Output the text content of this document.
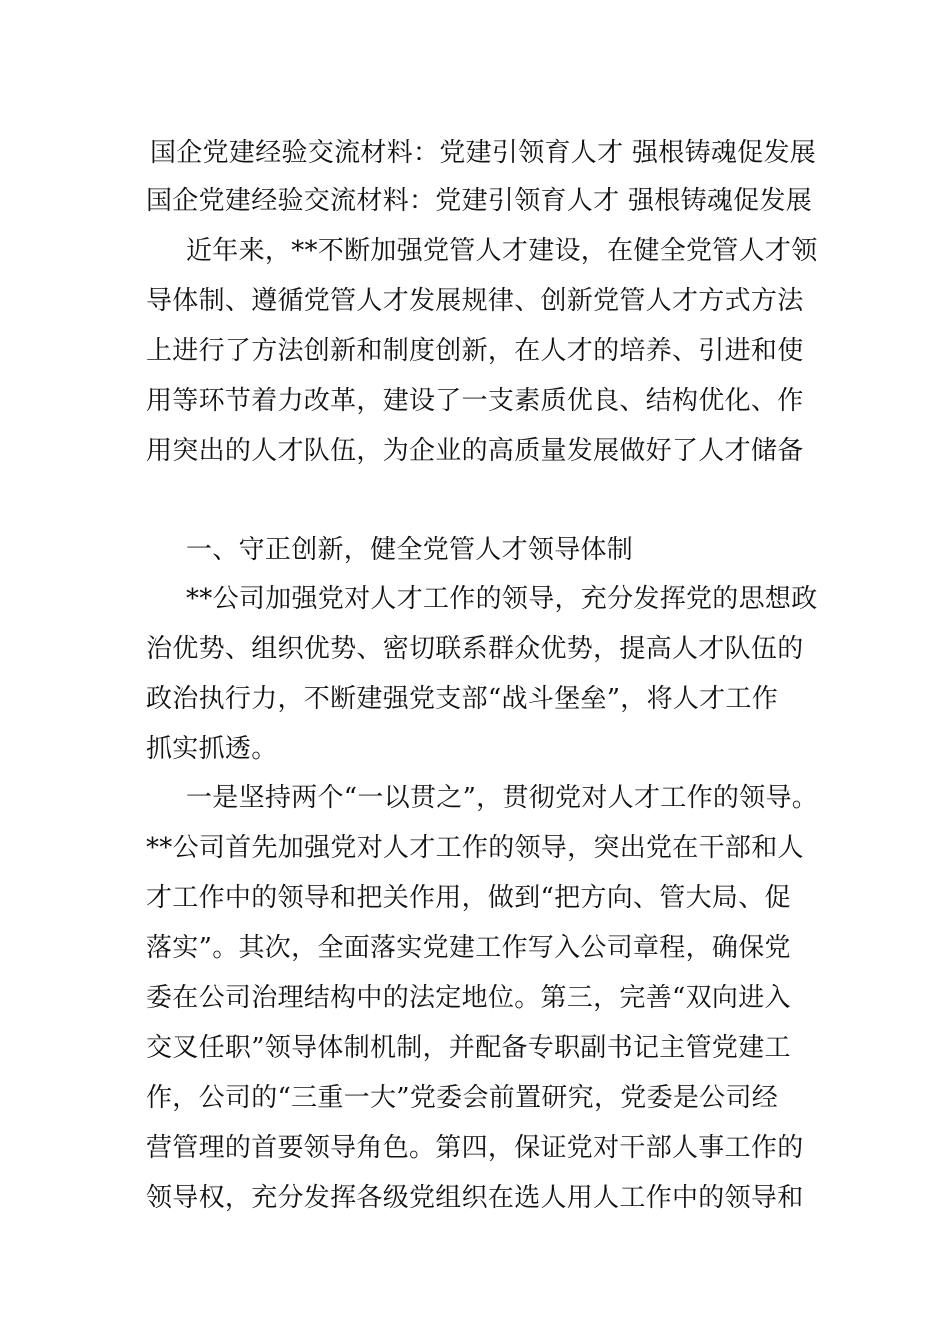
国企党建经验交流材料：党建引领育人才 强根铸魂促发展
国企党建经验交流材料：党建引领育人才 强根铸魂促发展
近年来，**不断加强党管人才建设，在健全党管人才领
导体制、遵循党管人才发展规律、创新党管人才方式方法
上进行了方法创新和制度创新，在人才的培养、引进和使
用等环节着力改革，建设了一支素质优良、结构优化、作
用突出的人才队伍，为企业的高质量发展做好了人才储备
一、守正创新，健全党管人才领导体制
**公司加强党对人才工作的领导，充分发挥党的思想政
治优势、组织优势、密切联系群众优势，提高人才队伍的
政治执行力，不断建强党支部“战斗堡垒”，将人才工作
抓实抓透。
一是坚持两个“一以贯之”，贯彻党对人才工作的领导。
**公司首先加强党对人才工作的领导，突出党在干部和人
才工作中的领导和把关作用，做到“把方向、管大局、促
落实”。其次，全面落实党建工作写入公司章程，确保党
委在公司治理结构中的法定地位。第三，完善“双向进入
交叉任职”领导体制机制，并配备专职副书记主管党建工
作，公司的“三重一大”党委会前置研究，党委是公司经
营管理的首要领导角色。第四，保证党对干部人事工作的
领导权，充分发挥各级党组织在选人用人工作中的领导和
